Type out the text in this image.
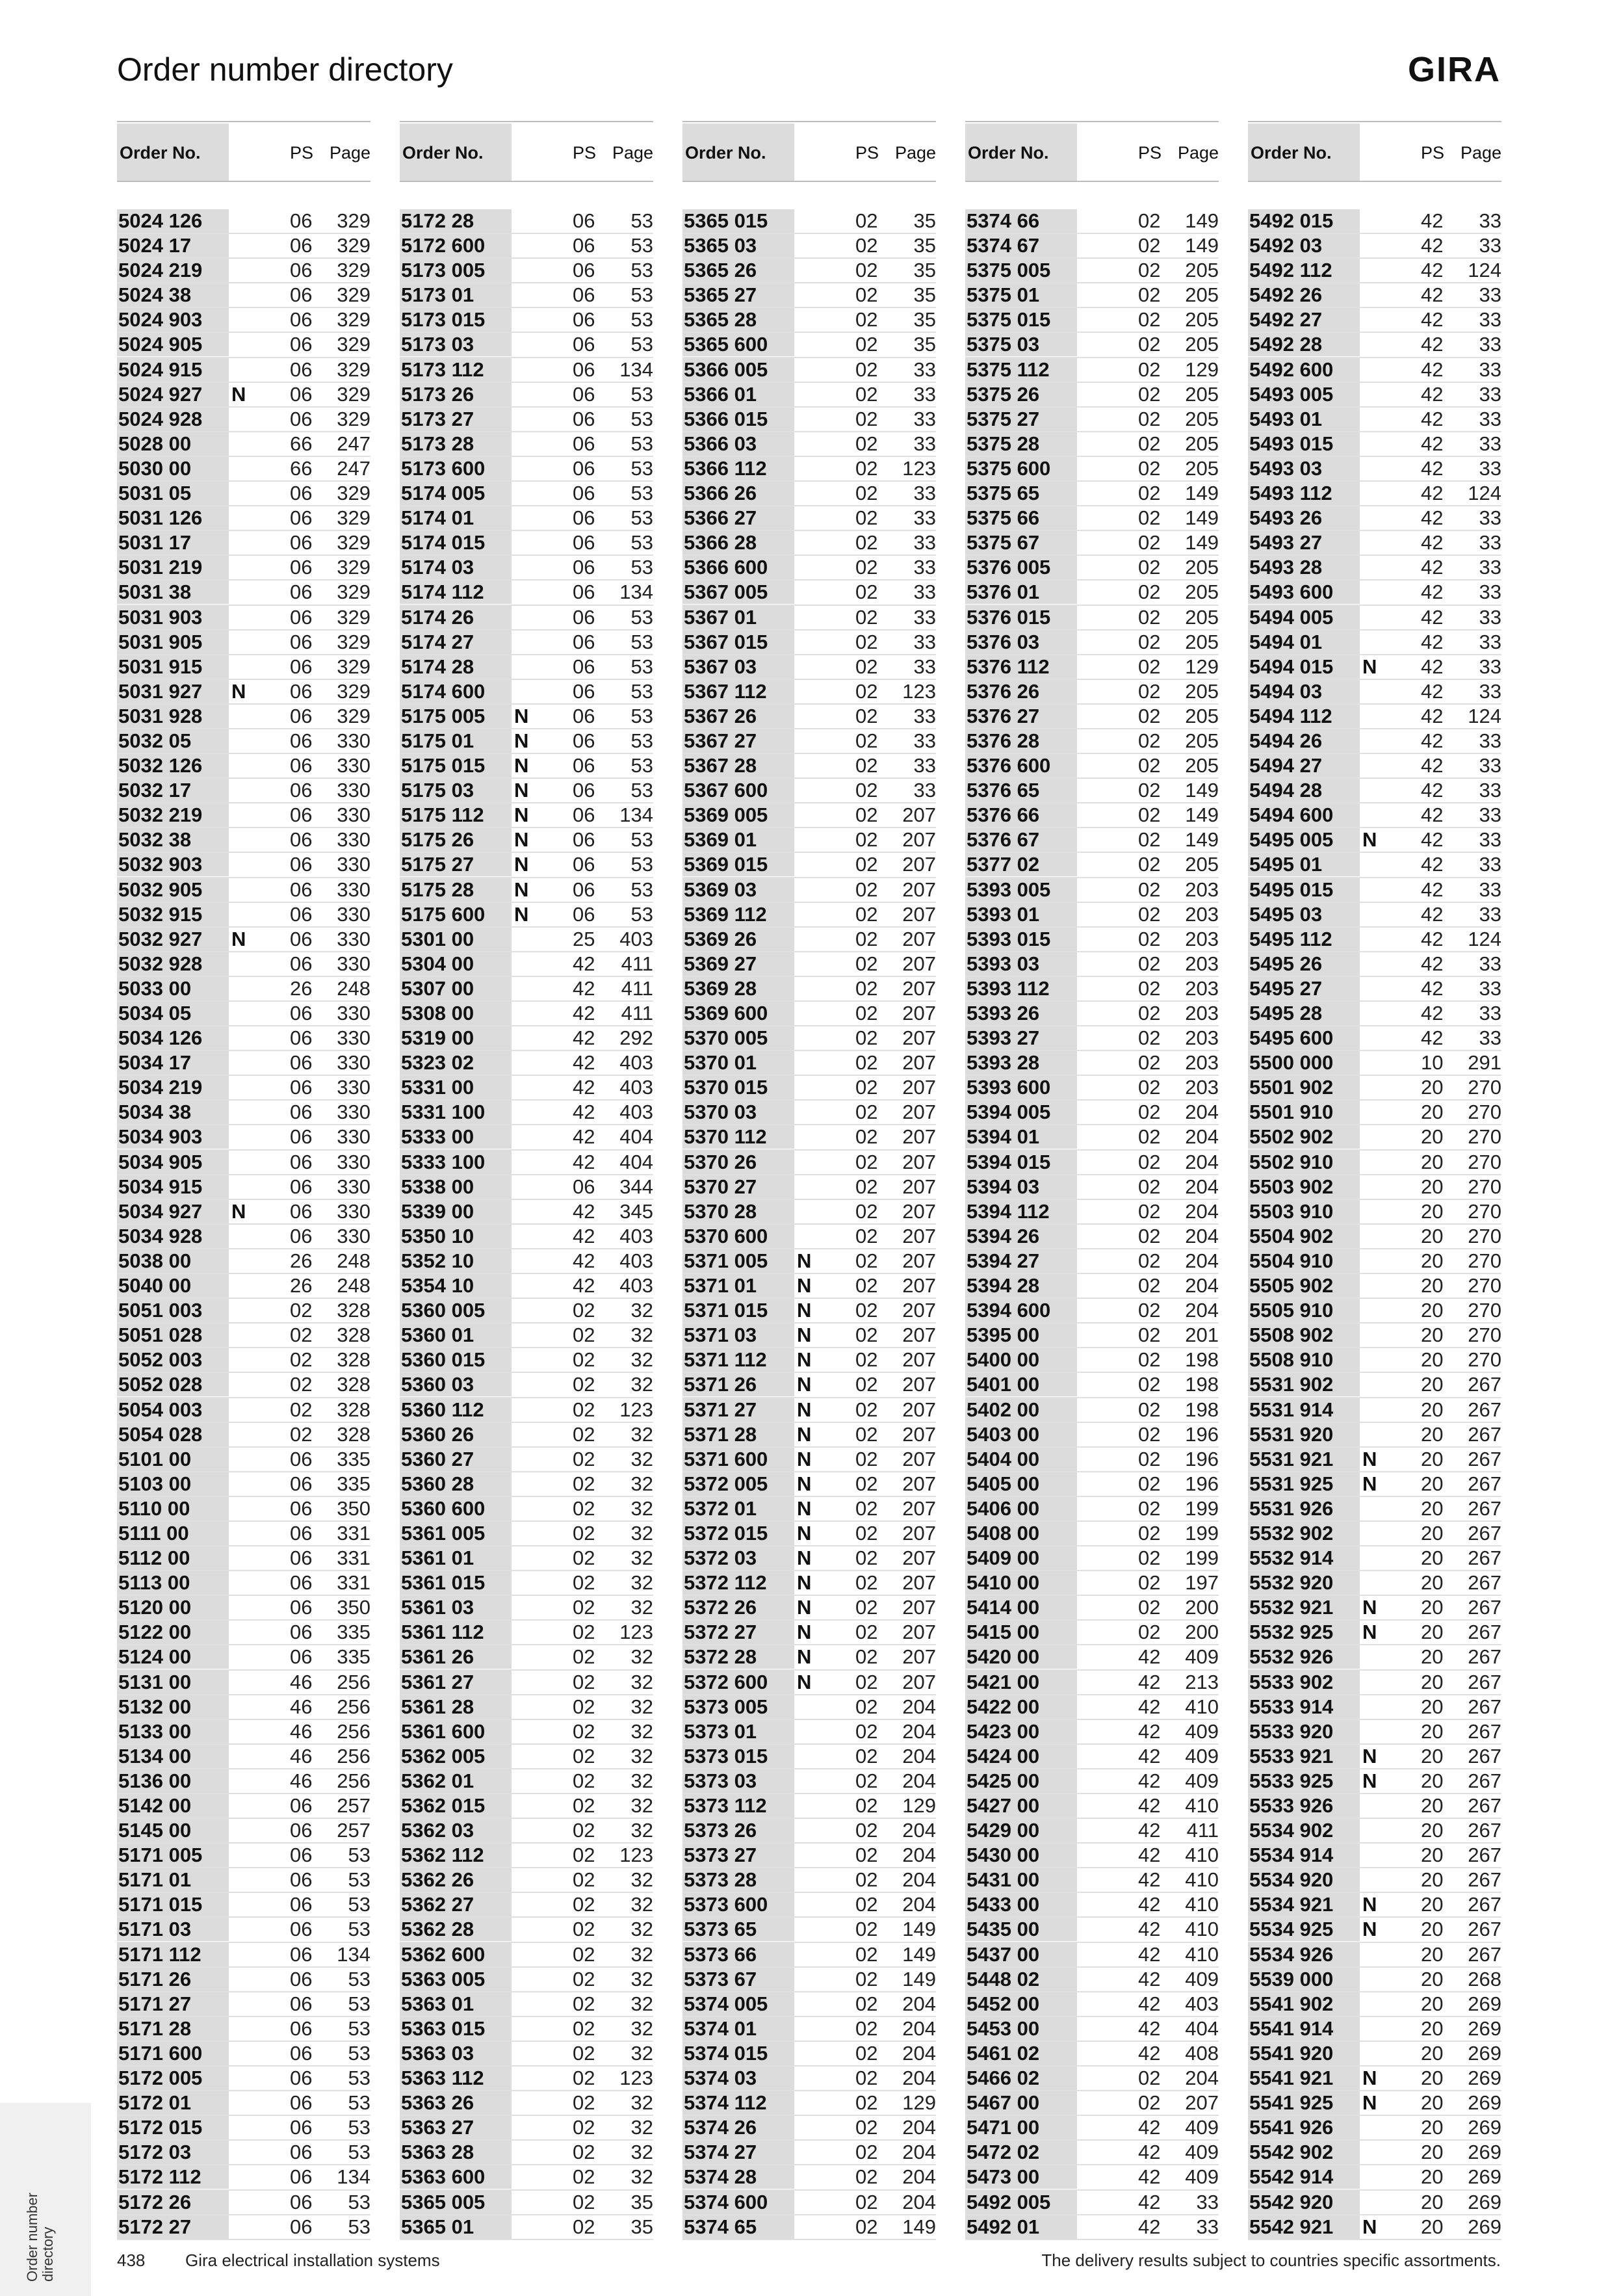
Order number directory	GIRA
Order No.	PS Page
5024 126	06 329
5024 17	06 329
5024 219	06 329
5024 38	06 329
5024 903	06 329
5024 905	06 329
5024 915	06 329
5024 927	N 06 329
5024 928	06 329
5028 00	66 247
5030 00	66 247
5031 05	06 329
5031 126	06 329
5031 17	06 329
5031 219	06 329
5031 38	06 329
5031 903	06 329
5031 905	06 329
5031 915	06 329
5031 927	N 06 329
5031 928	06 329
5032 05	06 330
5032 126	06 330
5032 17	06 330
5032 219	06 330
5032 38	06 330
5032 903	06 330
5032 905	06 330
5032 915	06 330
5032 927	N 06 330
5032 928	06 330
5033 00	26 248
5034 05	06 330
5034 126	06 330
5034 17	06 330
5034 219	06 330
5034 38	06 330
5034 903	06 330
5034 905	06 330
5034 915	06 330
5034 927	N 06 330
5034 928	06 330
5038 00	26 248
5040 00	26 248
5051 003	02 328
5051 028	02 328
5052 003	02 328
5052 028	02 328
5054 003	02 328
5054 028	02 328
5101 00	06 335
5103 00	06 335
5110 00	06 350
5111 00	06 331
5112 00	06 331
5113 00	06 331
5120 00	06 350
5122 00	06 335
5124 00	06 335
5131 00	46 256
5132 00	46 256
5133 00	46 256
5134 00	46 256
5136 00	46 256
5142 00	06 257
5145 00	06 257
5171 005	06 53
5171 01	06 53
5171 015	06 53
5171 03	06 53
5171 112	06 134
5171 26	06 53
5171 27	06 53
5171 28	06 53
5171 600	06 53
5172 005	06 53
5172 01	06 53
5172 015	06 53
5172 03	06 53
5172 112	06 134
5172 26	06 53
5172 27	06 53
Order No.	PS Page
5172 28	06 53
5172 600	06 53
5173 005	06 53
5173 01	06 53
5173 015	06 53
5173 03	06 53
5173 112	06 134
5173 26	06 53
5173 27	06 53
5173 28	06 53
5173 600	06 53
5174 005	06 53
5174 01	06 53
5174 015	06 53
5174 03	06 53
5174 112	06 134
5174 26	06 53
5174 27	06 53
5174 28	06 53
5174 600	06 53
5175 005	N 06 53
5175 01	N 06 53
5175 015	N 06 53
5175 03	N 06 53
5175 112	N 06 134
5175 26	N 06 53
5175 27	N 06 53
5175 28	N 06 53
5175 600	N 06 53
5301 00	25 403
5304 00	42 411
5307 00	42 411
5308 00	42 411
5319 00	42 292
5323 02	42 403
5331 00	42 403
5331 100	42 403
5333 00	42 404
5333 100	42 404
5338 00	06 344
5339 00	42 345
5350 10	42 403
5352 10	42 403
5354 10	42 403
5360 005	02 32
5360 01	02 32
5360 015	02 32
5360 03	02 32
5360 112	02 123
5360 26	02 32
5360 27	02 32
5360 28	02 32
5360 600	02 32
5361 005	02 32
5361 01	02 32
5361 015	02 32
5361 03	02 32
5361 112	02 123
5361 26	02 32
5361 27	02 32
5361 28	02 32
5361 600	02 32
5362 005	02 32
5362 01	02 32
5362 015	02 32
5362 03	02 32
5362 112	02 123
5362 26	02 32
5362 27	02 32
5362 28	02 32
5362 600	02 32
5363 005	02 32
5363 01	02 32
5363 015	02 32
5363 03	02 32
5363 112	02 123
5363 26	02 32
5363 27	02 32
5363 28	02 32
5363 600	02 32
5365 005	02 35
5365 01	02 35
Order No.	PS Page
5365 015	02 35
5365 03	02 35
5365 26	02 35
5365 27	02 35
5365 28	02 35
5365 600	02 35
5366 005	02 33
5366 01	02 33
5366 015	02 33
5366 03	02 33
5366 112	02 123
5366 26	02 33
5366 27	02 33
5366 28	02 33
5366 600	02 33
5367 005	02 33
5367 01	02 33
5367 015	02 33
5367 03	02 33
5367 112	02 123
5367 26	02 33
5367 27	02 33
5367 28	02 33
5367 600	02 33
5369 005	02 207
5369 01	02 207
5369 015	02 207
5369 03	02 207
5369 112	02 207
5369 26	02 207
5369 27	02 207
5369 28	02 207
5369 600	02 207
5370 005	02 207
5370 01	02 207
5370 015	02 207
5370 03	02 207
5370 112	02 207
5370 26	02 207
5370 27	02 207
5370 28	02 207
5370 600	02 207
5371 005	N 02 207
5371 01	N 02 207
5371 015	N 02 207
5371 03	N 02 207
5371 112	N 02 207
5371 26	N 02 207
5371 27	N 02 207
5371 28	N 02 207
5371 600	N 02 207
5372 005	N 02 207
5372 01	N 02 207
5372 015	N 02 207
5372 03	N 02 207
5372 112	N 02 207
5372 26	N 02 207
5372 27	N 02 207
5372 28	N 02 207
5372 600	N 02 207
5373 005	02 204
5373 01	02 204
5373 015	02 204
5373 03	02 204
5373 112	02 129
5373 26	02 204
5373 27	02 204
5373 28	02 204
5373 600	02 204
5373 65	02 149
5373 66	02 149
5373 67	02 149
5374 005	02 204
5374 01	02 204
5374 015	02 204
5374 03	02 204
5374 112	02 129
5374 26	02 204
5374 27	02 204
5374 28	02 204
5374 600	02 204
5374 65	02 149
Order No.	PS Page
5374 66	02 149
5374 67	02 149
5375 005	02 205
5375 01	02 205
5375 015	02 205
5375 03	02 205
5375 112	02 129
5375 26	02 205
5375 27	02 205
5375 28	02 205
5375 600	02 205
5375 65	02 149
5375 66	02 149
5375 67	02 149
5376 005	02 205
5376 01	02 205
5376 015	02 205
5376 03	02 205
5376 112	02 129
5376 26	02 205
5376 27	02 205
5376 28	02 205
5376 600	02 205
5376 65	02 149
5376 66	02 149
5376 67	02 149
5377 02	02 205
5393 005	02 203
5393 01	02 203
5393 015	02 203
5393 03	02 203
5393 112	02 203
5393 26	02 203
5393 27	02 203
5393 28	02 203
5393 600	02 203
5394 005	02 204
5394 01	02 204
5394 015	02 204
5394 03	02 204
5394 112	02 204
5394 26	02 204
5394 27	02 204
5394 28	02 204
5394 600	02 204
5395 00	02 201
5400 00	02 198
5401 00	02 198
5402 00	02 198
5403 00	02 196
5404 00	02 196
5405 00	02 196
5406 00	02 199
5408 00	02 199
5409 00	02 199
5410 00	02 197
5414 00	02 200
5415 00	02 200
5420 00	42 409
5421 00	42 213
5422 00	42 410
5423 00	42 409
5424 00	42 409
5425 00	42 409
5427 00	42 410
5429 00	42 411
5430 00	42 410
5431 00	42 410
5433 00	42 410
5435 00	42 410
5437 00	42 410
5448 02	42 409
5452 00	42 403
5453 00	42 404
5461 02	42 408
5466 02	02 204
5467 00	02 207
5471 00	42 409
5472 02	42 409
5473 00	42 409
5492 005	42 33
5492 01	42 33
Order No.	PS Page
5492 015	42 33
5492 03	42 33
5492 112	42 124
5492 26	42 33
5492 27	42 33
5492 28	42 33
5492 600	42 33
5493 005	42 33
5493 01	42 33
5493 015	42 33
5493 03	42 33
5493 112	42 124
5493 26	42 33
5493 27	42 33
5493 28	42 33
5493 600	42 33
5494 005	42 33
5494 01	42 33
5494 015	N 42 33
5494 03	42 33
5494 112	42 124
5494 26	42 33
5494 27	42 33
5494 28	42 33
5494 600	42 33
5495 005	N 42 33
5495 01	42 33
5495 015	42 33
5495 03	42 33
5495 112	42 124
5495 26	42 33
5495 27	42 33
5495 28	42 33
5495 600	42 33
5500 000	10 291
5501 902	20 270
5501 910	20 270
5502 902	20 270
5502 910	20 270
5503 902	20 270
5503 910	20 270
5504 902	20 270
5504 910	20 270
5505 902	20 270
5505 910	20 270
5508 902	20 270
5508 910	20 270
5531 902	20 267
5531 914	20 267
5531 920	20 267
5531 921	N 20 267
5531 925	N 20 267
5531 926	20 267
5532 902	20 267
5532 914	20 267
5532 920	20 267
5532 921	N 20 267
5532 925	N 20 267
5532 926	20 267
5533 902	20 267
5533 914	20 267
5533 920	20 267
5533 921	N 20 267
5533 925	N 20 267
5533 926	20 267
5534 902	20 267
5534 914	20 267
5534 920	20 267
5534 921	N 20 267
5534 925	N 20 267
5534 926	20 267
5539 000	20 268
5541 902	20 269
5541 914	20 269
5541 920	20 269
5541 921	N 20 269
5541 925	N 20 269
5541 926	20 269
5542 902	20 269
5542 914	20 269
5542 920	20 269
5542 921	N 20 269
Order number directory	438 Gira electrical installation systems	The delivery results subject to countries specific assortments.
